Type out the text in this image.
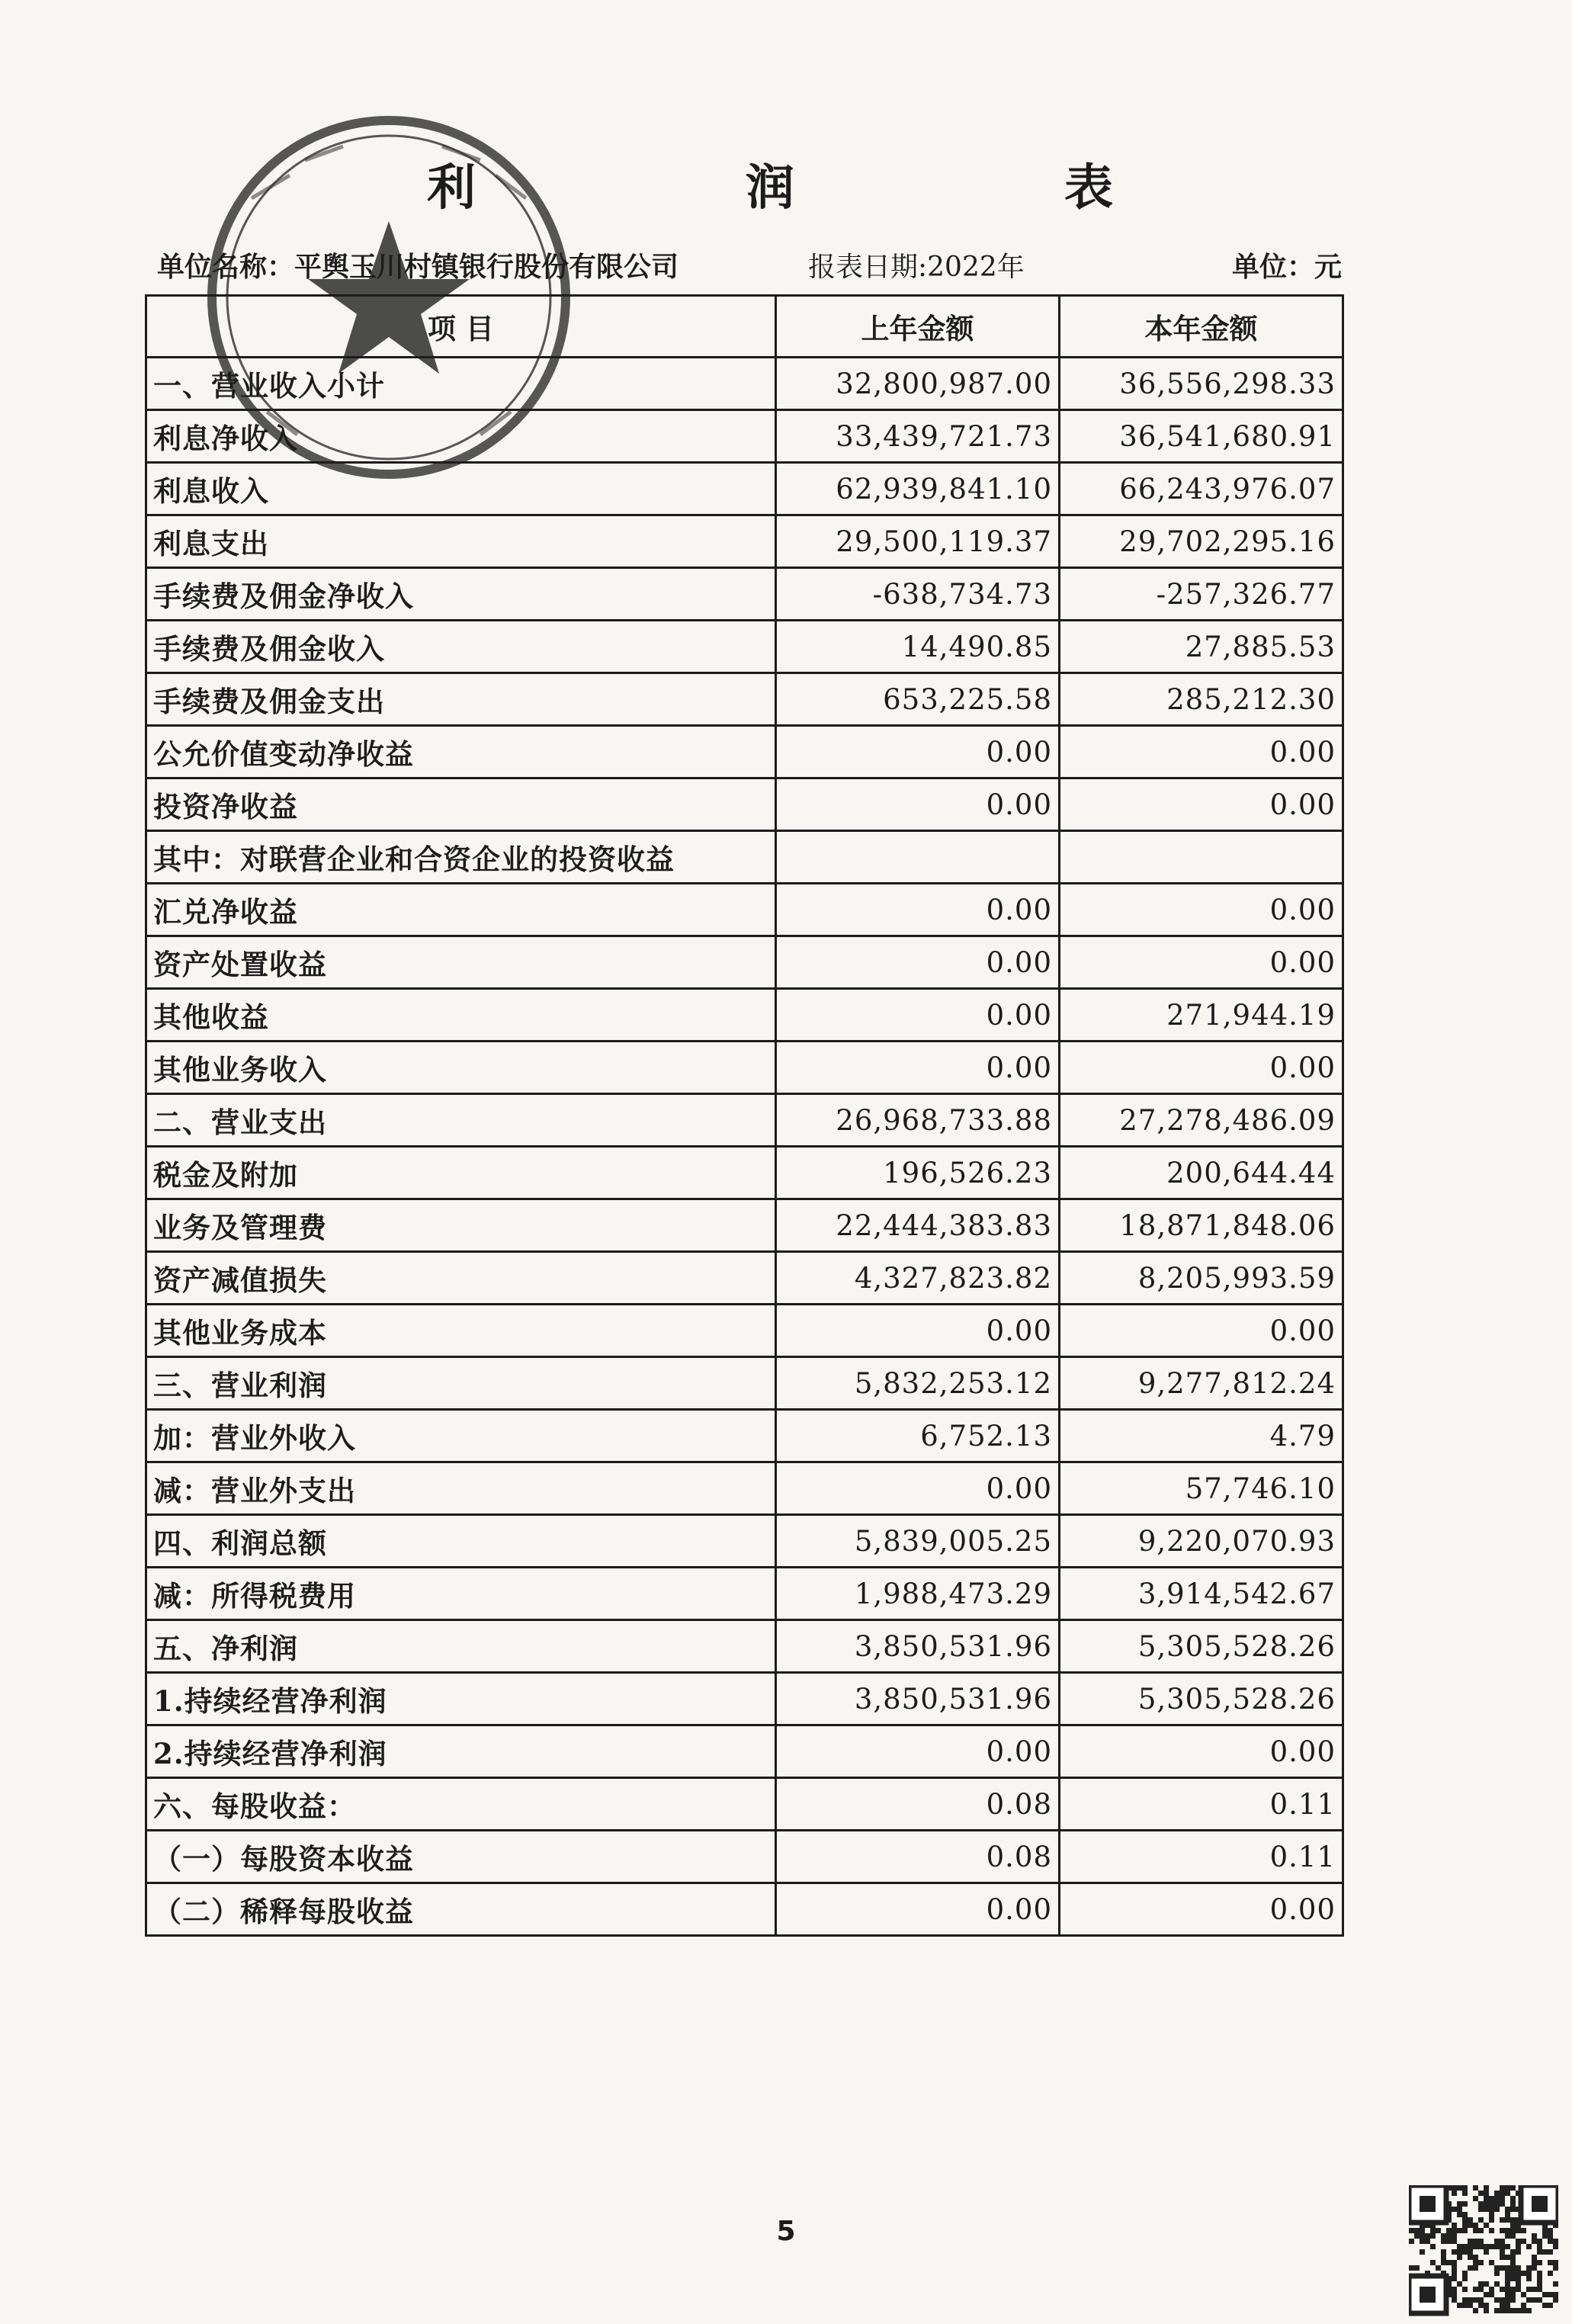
利	润	表
单位名称：平舆玉川村镇银行股份有限公司	报表日期:2022年	单位：元
项 目	上年金额	本年金额
一、营业收入小计	32,800,987.00	36,556,298.33
利息净收入	33,439,721.73	36,541,680.91
利息收入	62,939,841.10	66,243,976.07
利息支出	29,500,119.37	29,702,295.16
手续费及佣金净收入	-638,734.73	-257,326.77
手续费及佣金收入	14,490.85	27,885.53
手续费及佣金支出	653,225.58	285,212.30
公允价值变动净收益	0.00	0.00
投资净收益	0.00	0.00
其中：对联营企业和合资企业的投资收益		
汇兑净收益	0.00	0.00
资产处置收益	0.00	0.00
其他收益	0.00	271,944.19
其他业务收入	0.00	0.00
二、营业支出	26,968,733.88	27,278,486.09
税金及附加	196,526.23	200,644.44
业务及管理费	22,444,383.83	18,871,848.06
资产减值损失	4,327,823.82	8,205,993.59
其他业务成本	0.00	0.00
三、营业利润	5,832,253.12	9,277,812.24
加：营业外收入	6,752.13	4.79
减：营业外支出	0.00	57,746.10
四、利润总额	5,839,005.25	9,220,070.93
减：所得税费用	1,988,473.29	3,914,542.67
五、净利润	3,850,531.96	5,305,528.26
1.持续经营净利润	3,850,531.96	5,305,528.26
2.持续经营净利润	0.00	0.00
六、每股收益：	0.08	0.11
（一）每股资本收益	0.08	0.11
（二）稀释每股收益	0.00	0.00
5
